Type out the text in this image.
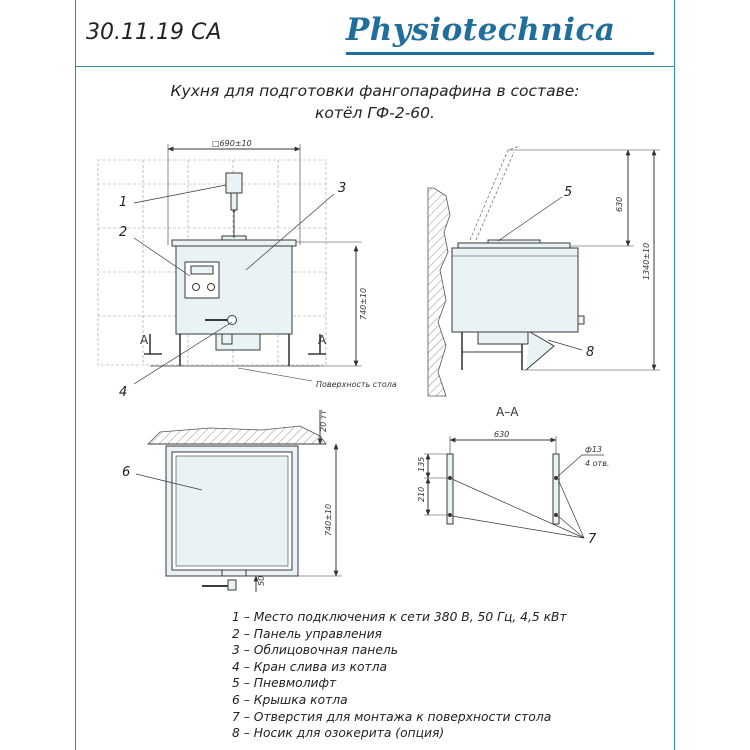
30.11.19 CA	Physiotechnica
Кухня для подготовки фангопарафина в составе:
котёл ГФ-2-60.
□690±10
740±10
Поверхность стола
А	А
1
2
3
4
630
1340±10
5
8
20 тт
740±10
50
6
А–А
630
135
210
ф13
4 отв.
7
1 – Место подключения к сети 380 В, 50 Гц, 4,5 кВт
2 – Панель управления
3 – Облицовочная панель
4 – Кран слива из котла
5 – Пневмолифт
6 – Крышка котла
7 – Отверстия для монтажа к поверхности стола
8 – Носик для озокерита (опция)
